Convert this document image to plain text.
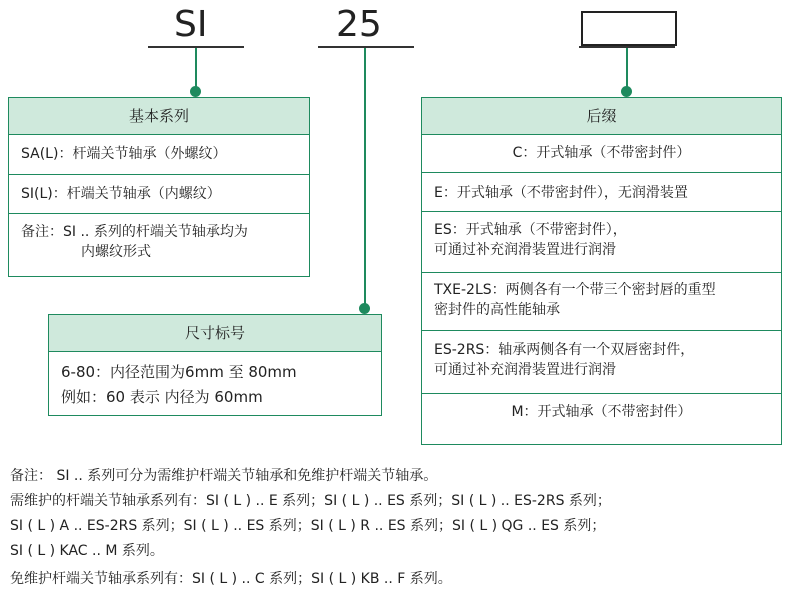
SI	25
基本系列
SA(L)：杆端关节轴承（外螺纹）
SI(L)：杆端关节轴承（内螺纹）
备注：SI .. 系列的杆端关节轴承均为
内螺纹形式
尺寸标号
6-80：内径范围为6mm 至 80mm
例如：60 表示 内径为 60mm
后缀
C：开式轴承（不带密封件）
E：开式轴承（不带密封件），无润滑装置
ES：开式轴承（不带密封件），
可通过补充润滑装置进行润滑
TXE-2LS：两侧各有一个带三个密封唇的重型
密封件的高性能轴承
ES-2RS：轴承两侧各有一个双唇密封件，
可通过补充润滑装置进行润滑
M：开式轴承（不带密封件）
备注： SI .. 系列可分为需维护杆端关节轴承和免维护杆端关节轴承。
需维护的杆端关节轴承系列有：SI ( L ) .. E 系列；SI ( L ) .. ES 系列；SI ( L ) .. ES-2RS 系列；
SI ( L ) A .. ES-2RS 系列；SI ( L ) .. ES 系列；SI ( L ) R .. ES 系列；SI ( L ) QG .. ES 系列；
SI ( L ) KAC .. M 系列。
免维护杆端关节轴承系列有：SI ( L ) .. C 系列；SI ( L ) KB .. F 系列。
